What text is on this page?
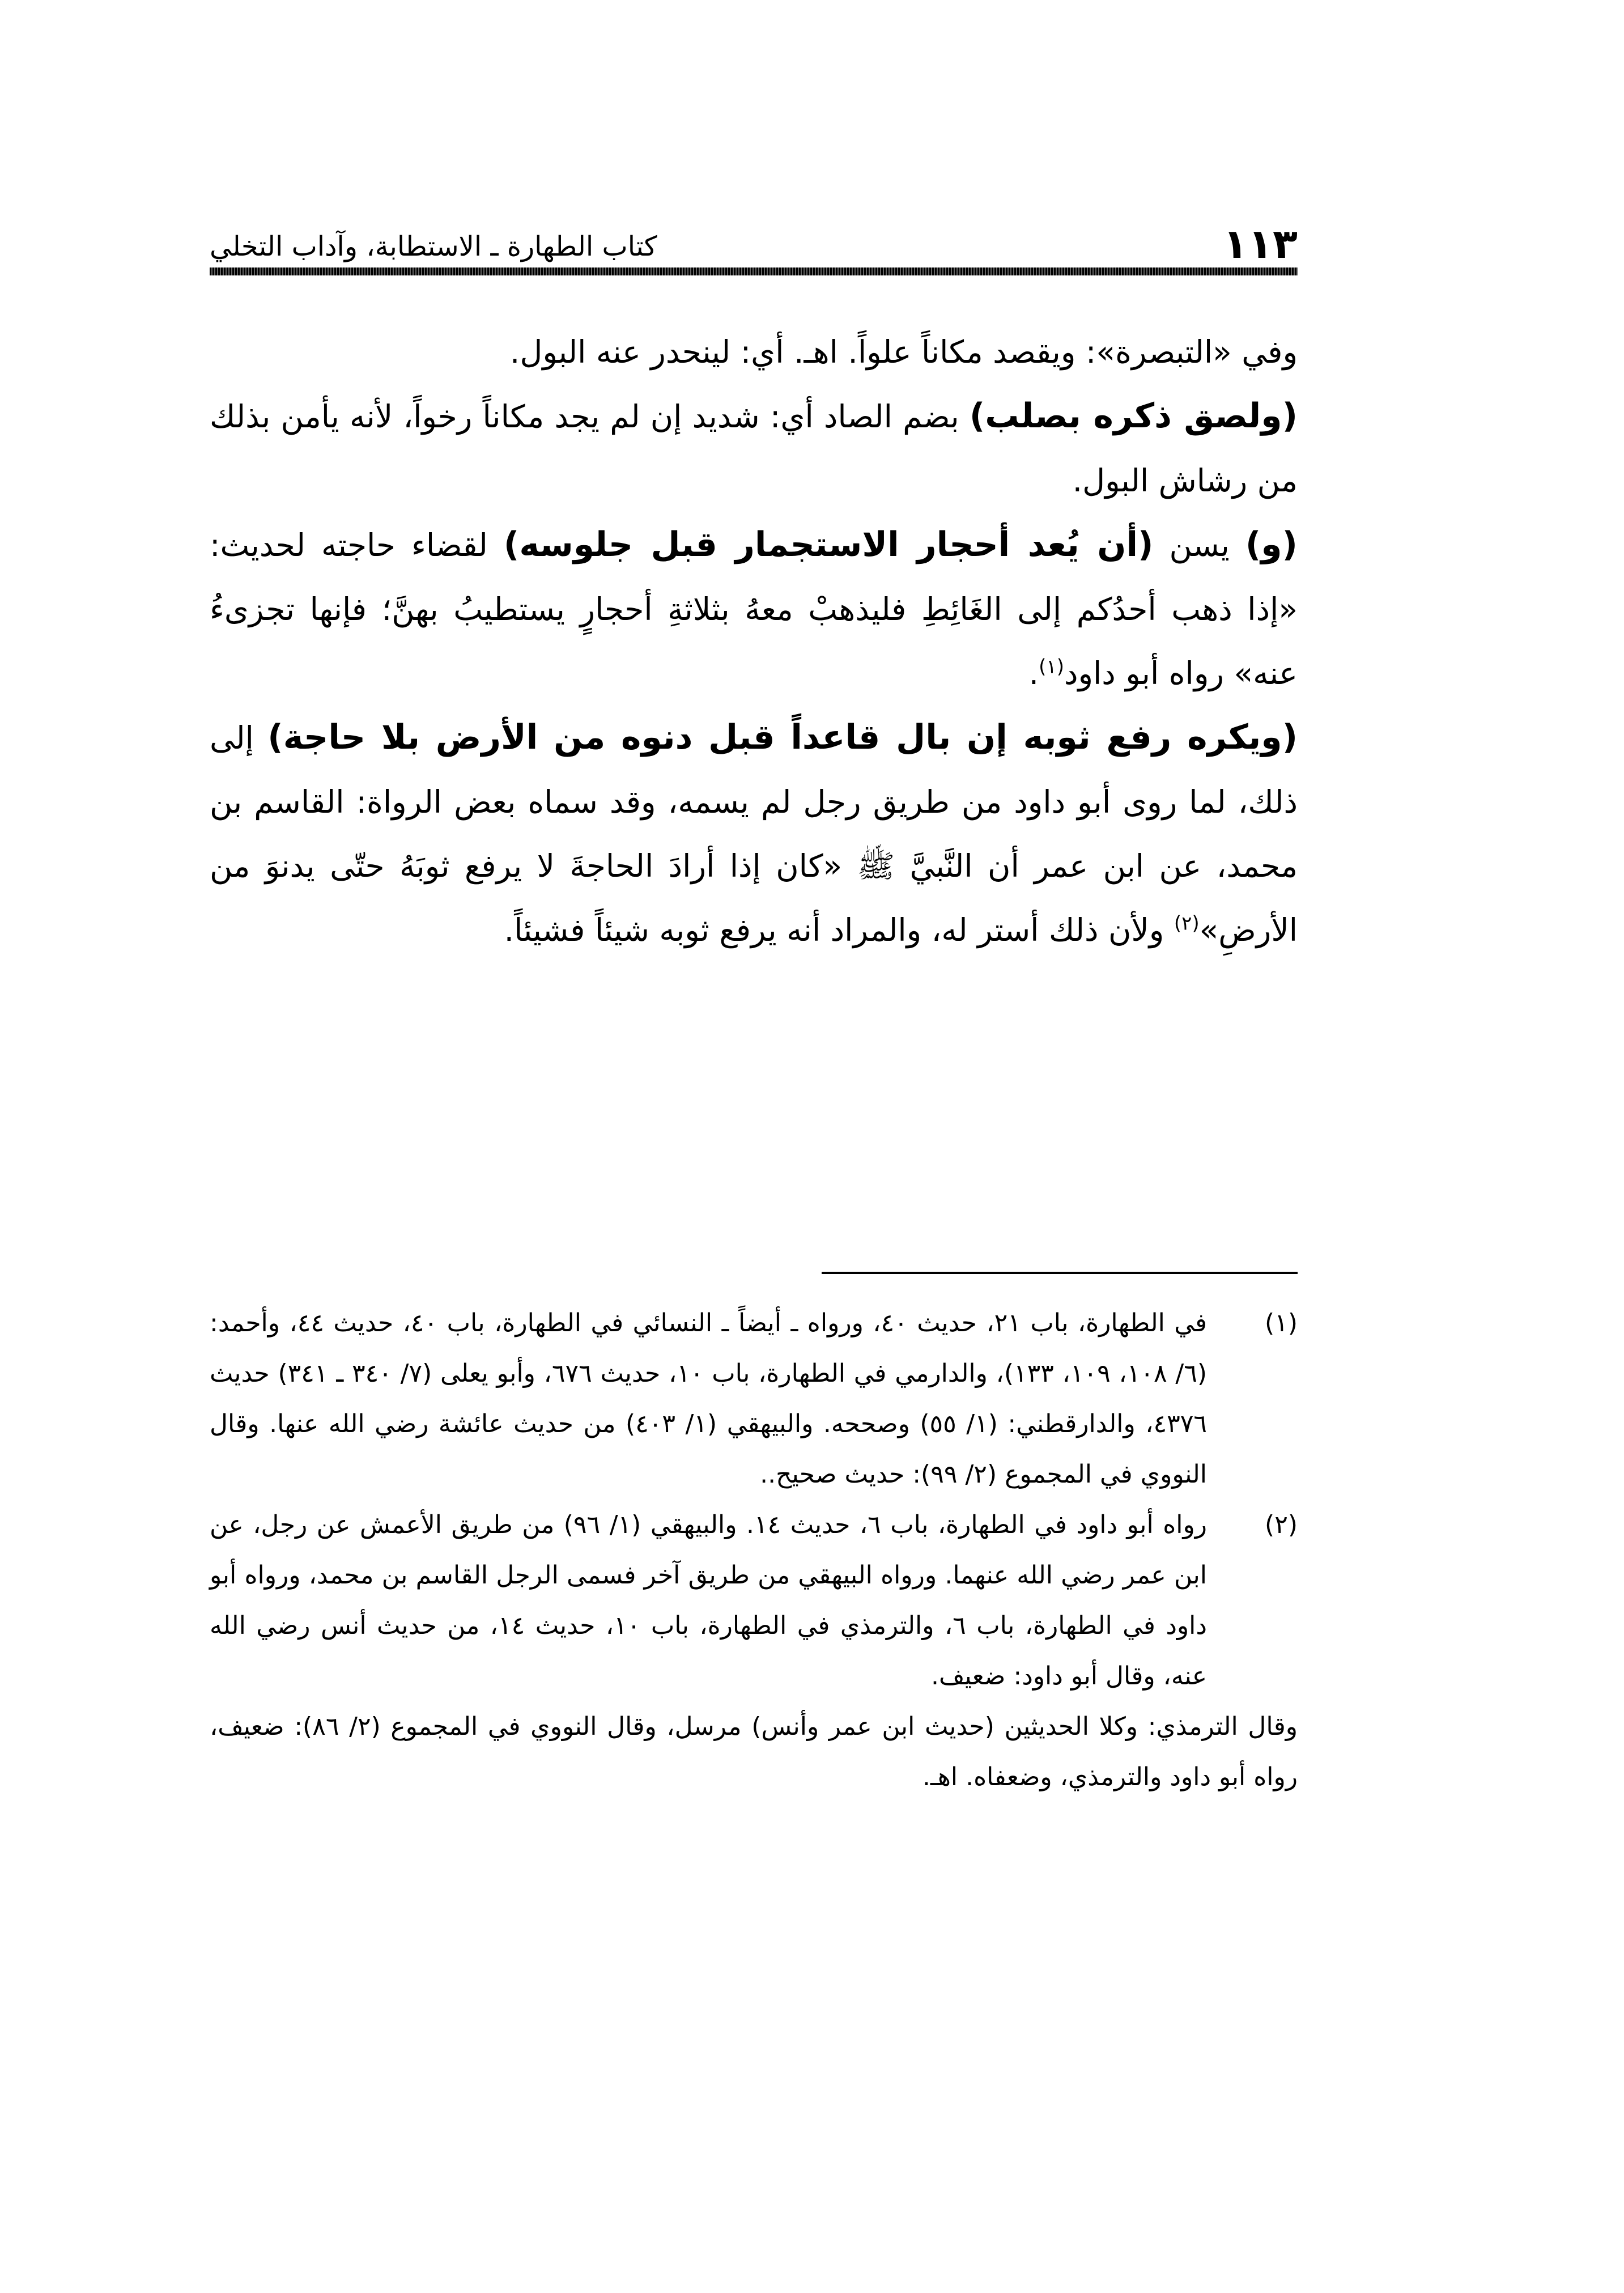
١١٣
كتاب الطهارة ـ الاستطابة، وآداب التخلي

وفي «التبصرة»: ويقصد مكاناً علواً. اهـ. أي: لينحدر عنه البول.

(ولصق ذكره بصلب) بضم الصاد أي: شديد إن لم يجد مكاناً رخواً، لأنه يأمن بذلك من رشاش البول.

(و) يسن (أن يُعد أحجار الاستجمار قبل جلوسه) لقضاء حاجته لحديث: «إذا ذهب أحدُكم إلى الغَائِطِ فليذهبْ معهُ بثلاثةِ أحجارٍ يستطيبُ بهنَّ؛ فإنها تجزىءُ عنه» رواه أبو داود$^{(١)}$.

(ويكره رفع ثوبه إن بال قاعداً قبل دنوه من الأرض بلا حاجة) إلى ذلك، لما روى أبو داود من طريق رجل لم يسمه، وقد سماه بعض الرواة: القاسم بن محمد، عن ابن عمر أن النَّبيَّ ﷺ «كان إذا أرادَ الحاجةَ لا يرفع ثوبَهُ حتّى يدنوَ من الأرضِ»$^{(٢)}$ ولأن ذلك أستر له، والمراد أنه يرفع ثوبه شيئاً فشيئاً.

(١)
في الطهارة، باب ٢١، حديث ٤٠، ورواه ـ أيضاً ـ النسائي في الطهارة، باب ٤٠، حديث ٤٤، وأحمد: (٦/ ١٠٨، ١٠٩، ١٣٣)، والدارمي في الطهارة، باب ١٠، حديث ٦٧٦، وأبو يعلى (٧/ ٣٤٠ ـ ٣٤١) حديث ٤٣٧٦، والدارقطني: (١/ ٥٥) وصححه. والبيهقي (١/ ٤٠٣) من حديث عائشة رضي الله عنها. وقال النووي في المجموع (٢/ ٩٩): حديث صحيح..
(٢)
رواه أبو داود في الطهارة، باب ٦، حديث ١٤. والبيهقي (١/ ٩٦) من طريق الأعمش عن رجل، عن ابن عمر رضي الله عنهما. ورواه البيهقي من طريق آخر فسمى الرجل القاسم بن محمد، ورواه أبو داود في الطهارة، باب ٦، والترمذي في الطهارة، باب ١٠، حديث ١٤، من حديث أنس رضي الله عنه، وقال أبو داود: ضعيف.

وقال الترمذي: وكلا الحديثين (حديث ابن عمر وأنس) مرسل، وقال النووي في المجموع (٢/ ٨٦): ضعيف، رواه أبو داود والترمذي، وضعفاه. اهـ.
